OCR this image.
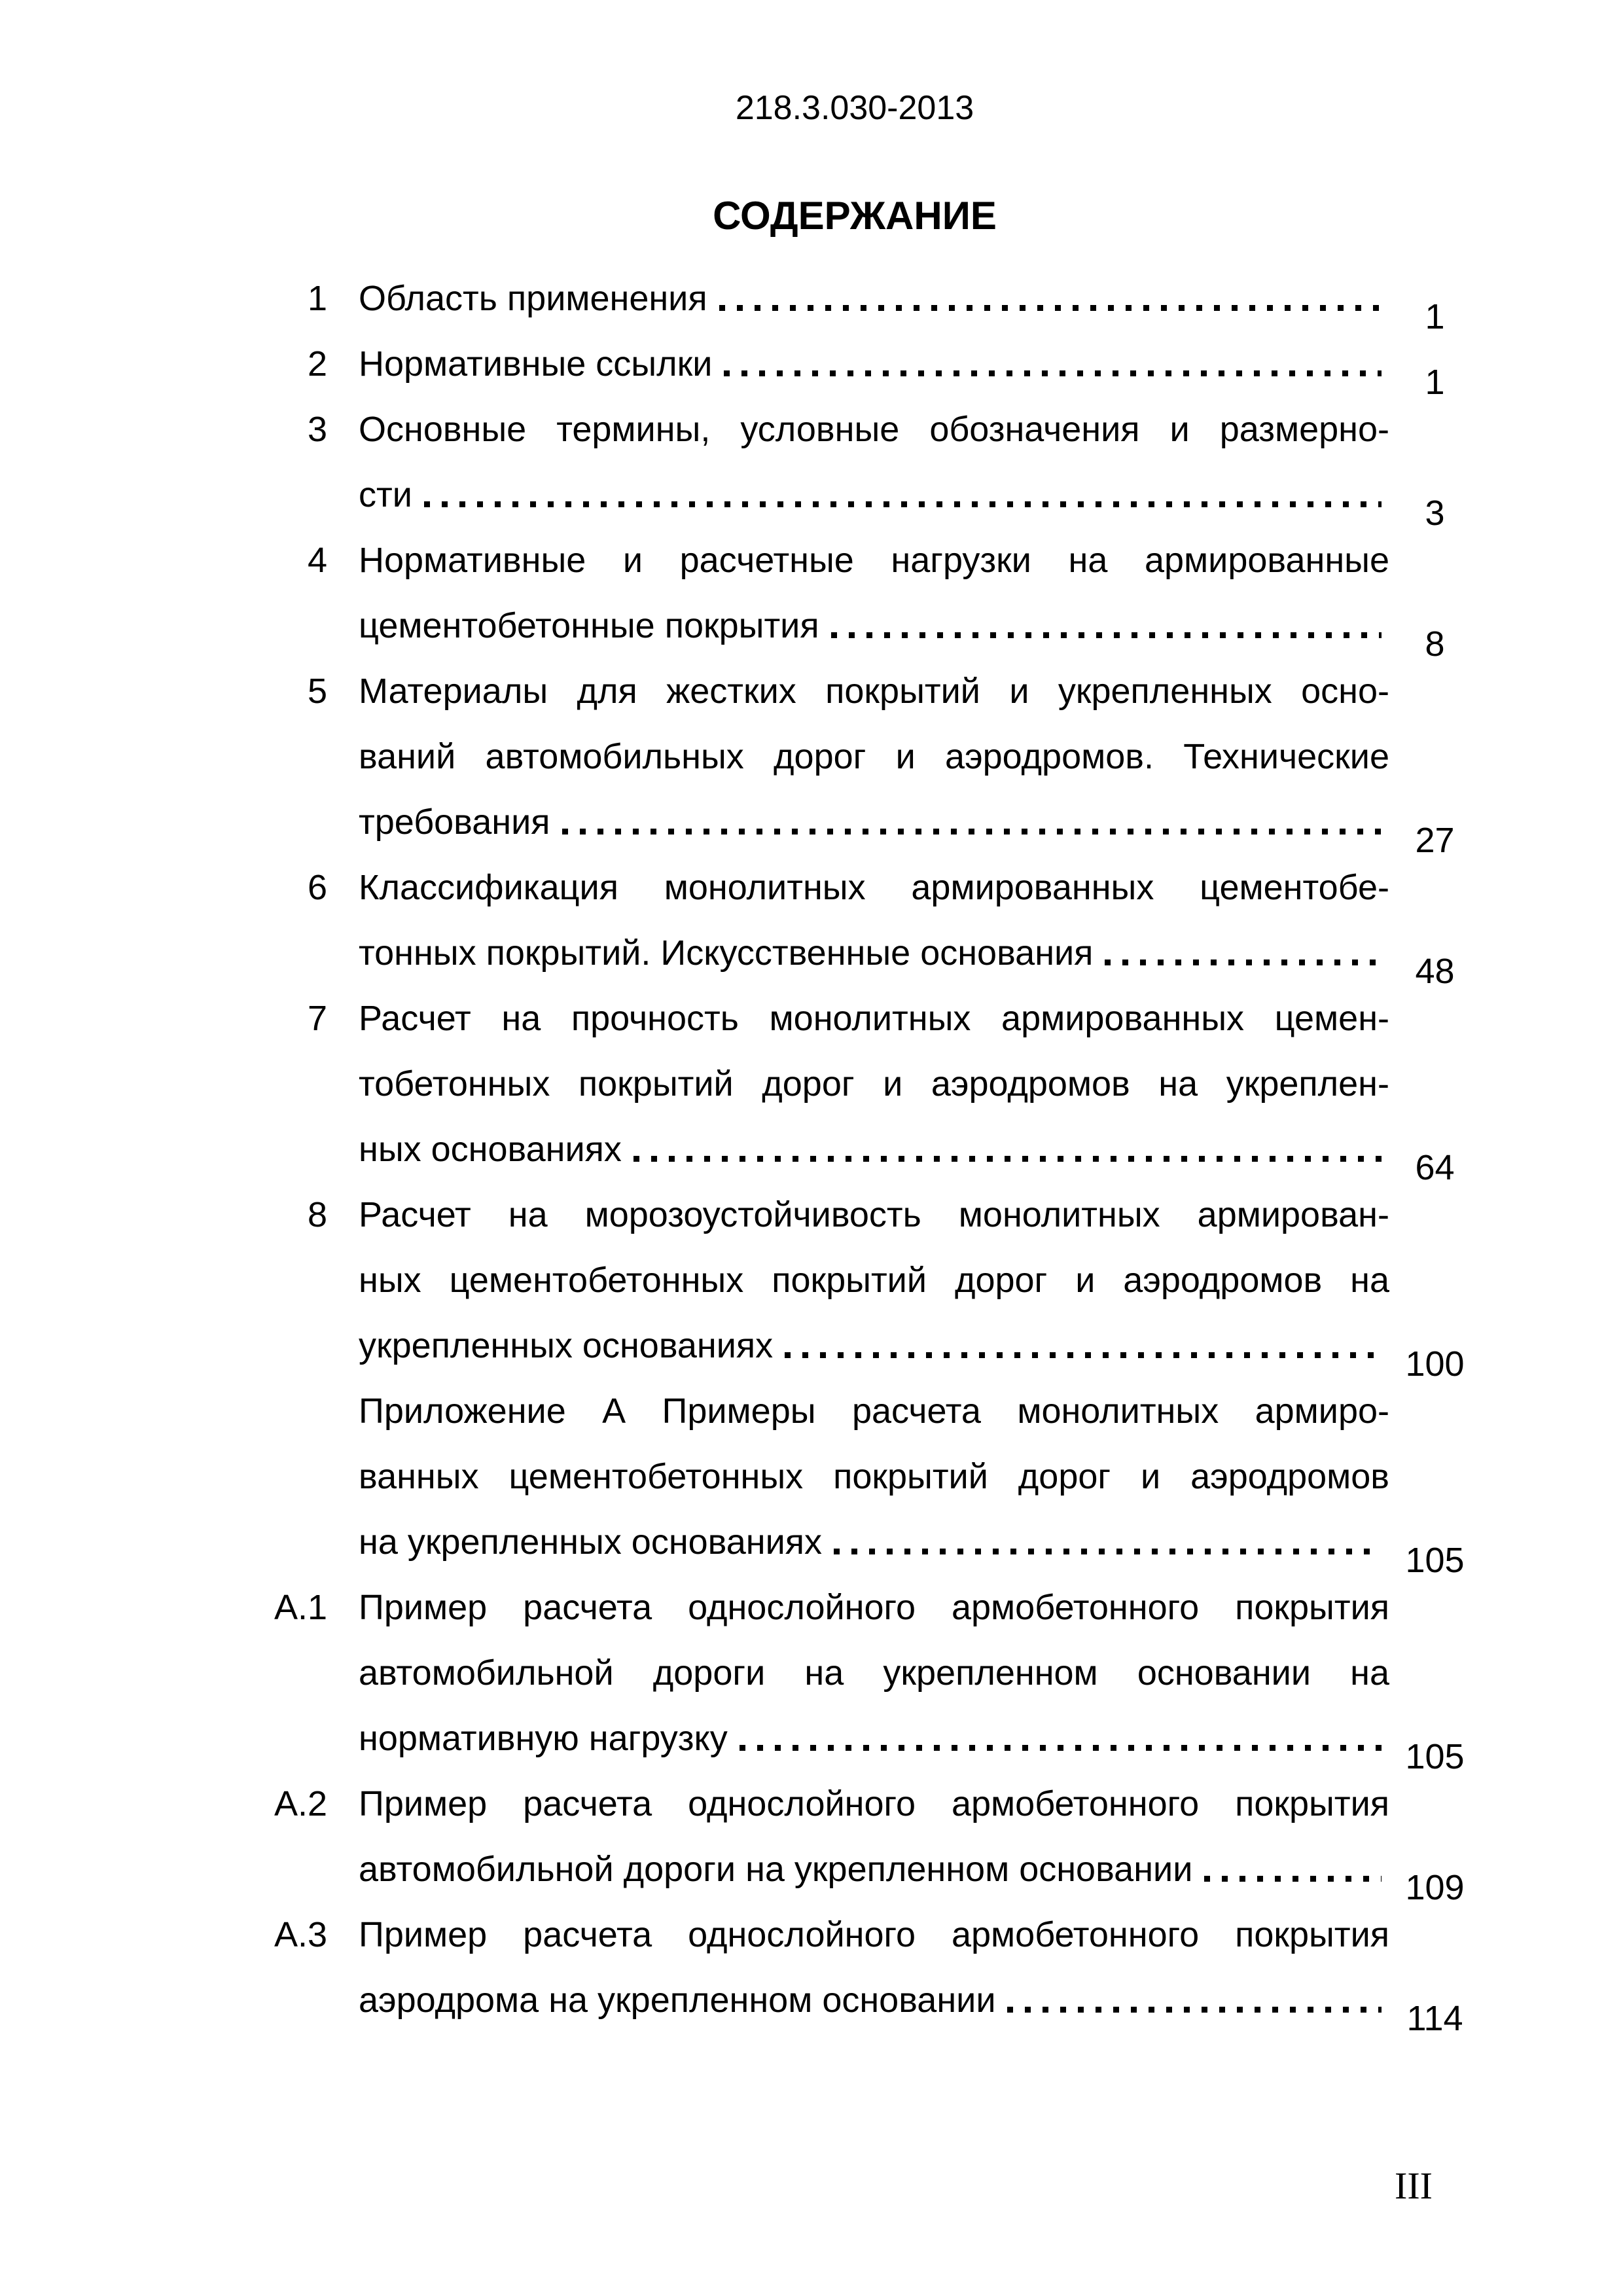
218.3.030-2013
СОДЕРЖАНИЕ
1 Область применения	1
2 Нормативные ссылки	1
3 Основные термины, условные обозначения и размерно-
сти	3
4 Нормативные и расчетные нагрузки на армированные
цементобетонные покрытия	8
5 Материалы для жестких покрытий и укрепленных осно-
ваний автомобильных дорог и аэродромов. Технические
требования	27
6 Классификация монолитных армированных цементобе-
тонных покрытий. Искусственные основания	48
7 Расчет на прочность монолитных армированных цемен-
тобетонных покрытий дорог и аэродромов на укреплен-
ных основаниях	64
8 Расчет на морозоустойчивость монолитных армирован-
ных цементобетонных покрытий дорог и аэродромов на
укрепленных основаниях	100
Приложение А Примеры расчета монолитных армиро-
ванных цементобетонных покрытий дорог и аэродромов
на укрепленных основаниях	105
А.1 Пример расчета однослойного армобетонного покрытия
автомобильной дороги на укрепленном основании на
нормативную нагрузку	105
А.2 Пример расчета однослойного армобетонного покрытия
автомобильной дороги на укрепленном основании	109
А.3 Пример расчета однослойного армобетонного покрытия
аэродрома на укрепленном основании	114
III
